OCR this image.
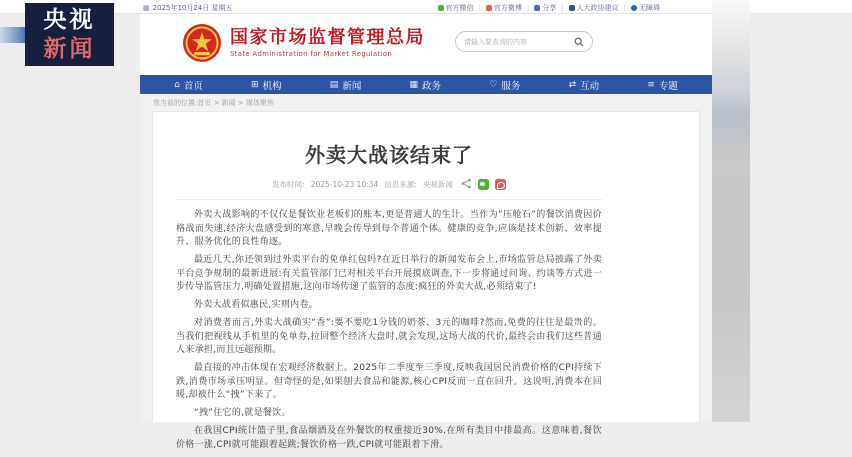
央视
新闻
▦ 2025年10月24日 星期五	官方微信 | 官方微博 | 分享 | 人大政协建议 | 无障碍
国家市场监督管理总局
State Administration for Market Regulation
请输入要查询的内容
⌂ 首页	⊞ 机构	▤ 新闻	▦ 政务	♡ 服务	⇄ 互动	≡ 专题
您当前的位置:首页 > 新闻 > 媒体聚焦
外卖大战该结束了
发布时间: 2025-10-23 10:34 信息来源: 央视新闻

外卖大战影响的不仅仅是餐饮业老板们的账本,更是普通人的生计。当作为“压舱石”的餐饮消费因价格战而失速,经济大盘感受到的寒意,早晚会传导到每个普通个体。健康的竞争,应该是技术创新、效率提升、服务优化的良性角逐。

最近几天,你还领到过外卖平台的免单红包吗?在近日举行的新闻发布会上,市场监管总局披露了外卖平台竞争规制的最新进展:有关监管部门已对相关平台开展摸底调查,下一步将通过问询、约谈等方式进一步传导监管压力,明确处置措施,这向市场传递了监管的态度:疯狂的外卖大战,必须结束了!

外卖大战看似惠民,实则内卷。

对消费者而言,外卖大战确实“香”:要不要吃1分钱的奶茶、3元的咖啡?然而,免费的往往是最贵的。当我们把视线从手机里的免单券,拉回整个经济大盘时,就会发现,这场大战的代价,最终会由我们这些普通人来承担,而且远超预期。

最直接的冲击体现在宏观经济数据上。2025年二季度至三季度,反映我国居民消费价格的CPI持续下跌,消费市场承压明显。但奇怪的是,如果刨去食品和能源,核心CPI反而一直在回升。这说明,消费本在回暖,却被什么“拽”下来了。

“拽”住它的,就是餐饮。

在我国CPI统计篮子里,食品烟酒及在外餐饮的权重接近30%,在所有类目中排最高。这意味着,餐饮价格一涨,CPI就可能跟着起跳;餐饮价格一跌,CPI就可能跟着下滑。
